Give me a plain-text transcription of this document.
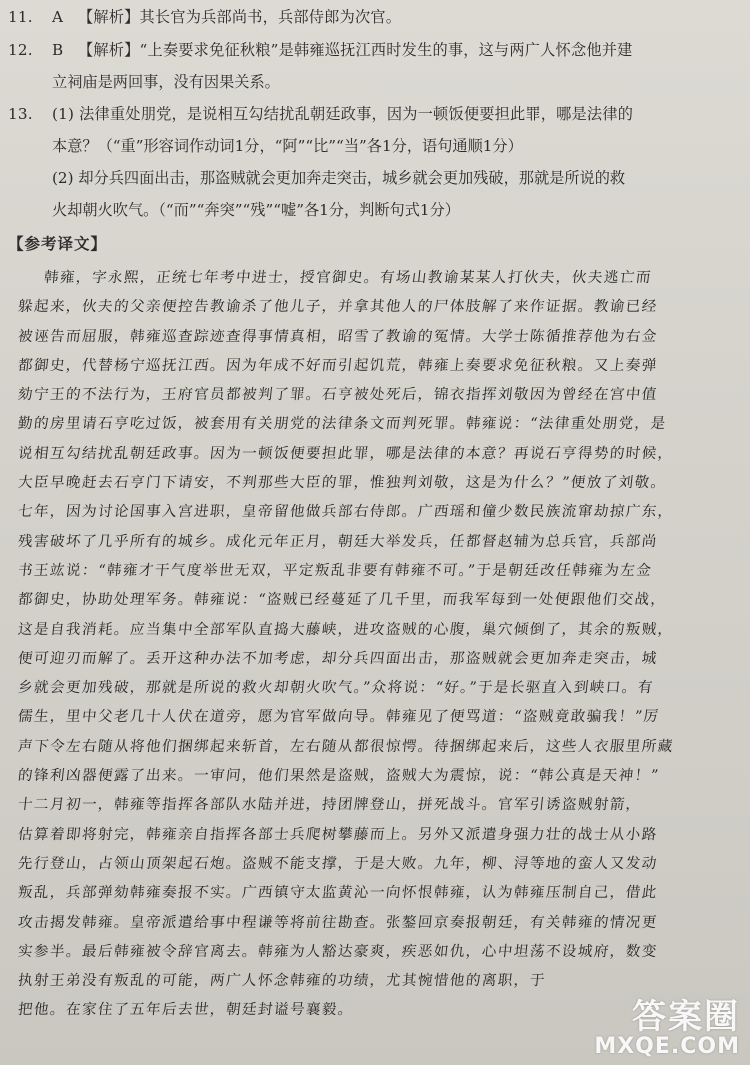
11. A 【解析】其长官为兵部尚书，兵部侍郎为次官。
12. B 【解析】“上奏要求免征秋粮”是韩雍巡抚江西时发生的事，这与两广人怀念他并建
立祠庙是两回事，没有因果关系。
13. (1) 法律重处朋党，是说相互勾结扰乱朝廷政事，因为一顿饭便要担此罪，哪是法律的
本意？（“重”形容词作动词1分，“阿”“比”“当”各1分，语句通顺1分）
(2) 却分兵四面出击，那盗贼就会更加奔走突击，城乡就会更加残破，那就是所说的救
火却朝火吹气。（“而”“奔突”“残”“嘘”各1分，判断句式1分）
【参考译文】
韩雍，字永熙，正统七年考中进士，授官御史。有场山教谕某某人打伙夫，伙夫逃亡而
躲起来，伙夫的父亲便控告教谕杀了他儿子，并拿其他人的尸体肢解了来作证据。教谕已经
被诬告而屈服，韩雍巡查踪迹查得事情真相，昭雪了教谕的冤情。大学士陈循推荐他为右佥
都御史，代替杨宁巡抚江西。因为年成不好而引起饥荒，韩雍上奏要求免征秋粮。又上奏弹
劾宁王的不法行为，王府官员都被判了罪。石亨被处死后，锦衣指挥刘敬因为曾经在宫中值
勤的房里请石亨吃过饭，被套用有关朋党的法律条文而判死罪。韩雍说：“法律重处朋党，是
说相互勾结扰乱朝廷政事。因为一顿饭便要担此罪，哪是法律的本意？再说石亨得势的时候，
大臣早晚赶去石亨门下请安，不判那些大臣的罪，惟独判刘敬，这是为什么？”便放了刘敬。
七年，因为讨论国事入宫进职，皇帝留他做兵部右侍郎。广西瑶和僮少数民族流窜劫掠广东，
残害破坏了几乎所有的城乡。成化元年正月，朝廷大举发兵，任都督赵辅为总兵官，兵部尚
书王竑说：“韩雍才干气度举世无双，平定叛乱非要有韩雍不可。”于是朝廷改任韩雍为左佥
都御史，协助处理军务。韩雍说：“盗贼已经蔓延了几千里，而我军每到一处便跟他们交战，
这是自我消耗。应当集中全部军队直捣大藤峡，进攻盗贼的心腹，巢穴倾倒了，其余的叛贼，
便可迎刃而解了。丢开这种办法不加考虑，却分兵四面出击，那盗贼就会更加奔走突击，城
乡就会更加残破，那就是所说的救火却朝火吹气。”众将说：“好。”于是长驱直入到峡口。有
儒生，里中父老几十人伏在道旁，愿为官军做向导。韩雍见了便骂道：“盗贼竟敢骗我！”厉
声下令左右随从将他们捆绑起来斩首，左右随从都很惊愕。待捆绑起来后，这些人衣服里所藏
的锋利凶器便露了出来。一审问，他们果然是盗贼，盗贼大为震惊，说：“韩公真是天神！”
十二月初一，韩雍等指挥各部队水陆并进，持团牌登山，拼死战斗。官军引诱盗贼射箭，
估算着即将射完，韩雍亲自指挥各部士兵爬树攀藤而上。另外又派遣身强力壮的战士从小路
先行登山，占领山顶架起石炮。盗贼不能支撑，于是大败。九年，柳、浔等地的蛮人又发动
叛乱，兵部弹劾韩雍奏报不实。广西镇守太监黄沁一向怀恨韩雍，认为韩雍压制自己，借此
攻击揭发韩雍。皇帝派遣给事中程谦等将前往勘查。张鏊回京奏报朝廷，有关韩雍的情况更
实参半。最后韩雍被令辞官离去。韩雍为人豁达豪爽，疾恶如仇，心中坦荡不设城府，数变
执射王弟没有叛乱的可能，两广人怀念韩雍的功绩，尤其惋惜他的离职，于
把他。在家住了五年后去世，朝廷封谥号襄毅。	答案圈
MXQE.COM
